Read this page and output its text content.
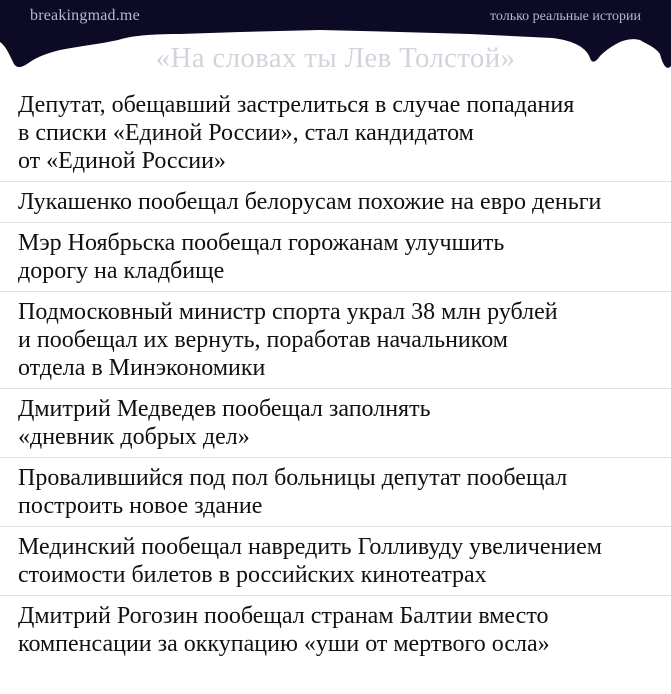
breakingmad.me	только реальные истории
«На словах ты Лев Толстой»
Депутат, обещавший застрелиться в случае попадания
в списки «Единой России», стал кандидатом
от «Единой России»
Лукашенко пообещал белорусам похожие на евро деньги
Мэр Ноябрьска пообещал горожанам улучшить
дорогу на кладбище
Подмосковный министр спорта украл 38 млн рублей
и пообещал их вернуть, поработав начальником
отдела в Минэкономики
Дмитрий Медведев пообещал заполнять
«дневник добрых дел»
Провалившийся под пол больницы депутат пообещал
построить новое здание
Мединский пообещал навредить Голливуду увеличением
стоимости билетов в российских кинотеатрах
Дмитрий Рогозин пообещал странам Балтии вместо
компенсации за оккупацию «уши от мертвого осла»
